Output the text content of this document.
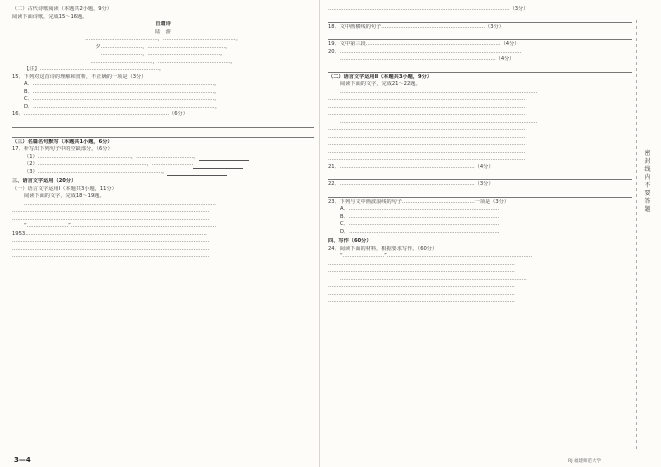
（二）古代诗歌阅读（本题共2小题，9分）
阅读下面诗歌，完成15～16题。
自遣诗
陆　游
……………………………………，……………………………………。
夕……………………，………………………………………。
……………………，……………………………………。
………………………………，……………………………………。
【注】……………………………………………………………。
15．下列对这首诗的理解和赏析，不正确的一项是（3分）
A．……………………………………………………………………………………………。
B．……………………………………………………………………………………………。
C．……………………………………………………………………………………………。
D．……………………………………………………………………………………………。
16．…………………………………………………………………………（6分）
（三）名篇名句默写（本题共1小题，6分）
17．补写出下列句子中的空缺部分。（6分）
（1）………………………………………………，……………………………。
（2）………………………………………………………，……………………
（3）………………………………………………………………。
三、语言文字运用（20分）
（一）语言文字运用Ⅰ（本题共3小题，11分）
阅读下面的文字，完成18～19题。
…………………………………………………………………………………………………
……………………………………………………………………………………………………
……………………………………………………………………………………………………
“……………………”…………………………………………………………………………
1953……………………………………………………………………………………………
……………………………………………………………………………………………………
……………………………………………………………………………………………………
……………………………………………………………………………………………………
……………………………………………………………………………………………（3分）
18．文中画横线的句子……………………………………………………（3分）
19．文中第三段……………………………………………………………………（4分）
20．……………………………………………………………………………………………
………………………………………………………………………………（4分）
（二）语言文字运用Ⅱ（本题共3小题，9分）
阅读下面的文字，完成21～22题。
……………………………………………………………………………………………………
……………………………………………………………………………………………………
……………………………………………………………………………………………………
……………………………………………………………………………………………………
……………………………………………………………………………………………………
……………………………………………………………………………………………………
……………………………………………………………………………………………………
……………………………………………………………………………………………………
……………………………………………………………………………………………………
……………………………………………………………………………………………………
21．……………………………………………………………………（4分）
22．……………………………………………………………………（3分）
23．下列与文中画波浪线的句子……………………………………一项是（3分）
A．……………………………………………………………………………
B．……………………………………………………………………………
C．……………………………………………………………………………
D．……………………………………………………………………………
四、写作（60分）
24．阅读下面的材料，根据要求写作。（60分）
“……………………”…………………………………………………………………………
………………………………………………………………………………………………
………………………………………………………………………………………………
………………………………………………………………………………………………
………………………………………………………………………………………………
………………………………………………………………………………………………
………………………………………………………………………………………………
密
封
线
内
不
要
答
题
3—4	RJ 福建师范大学
